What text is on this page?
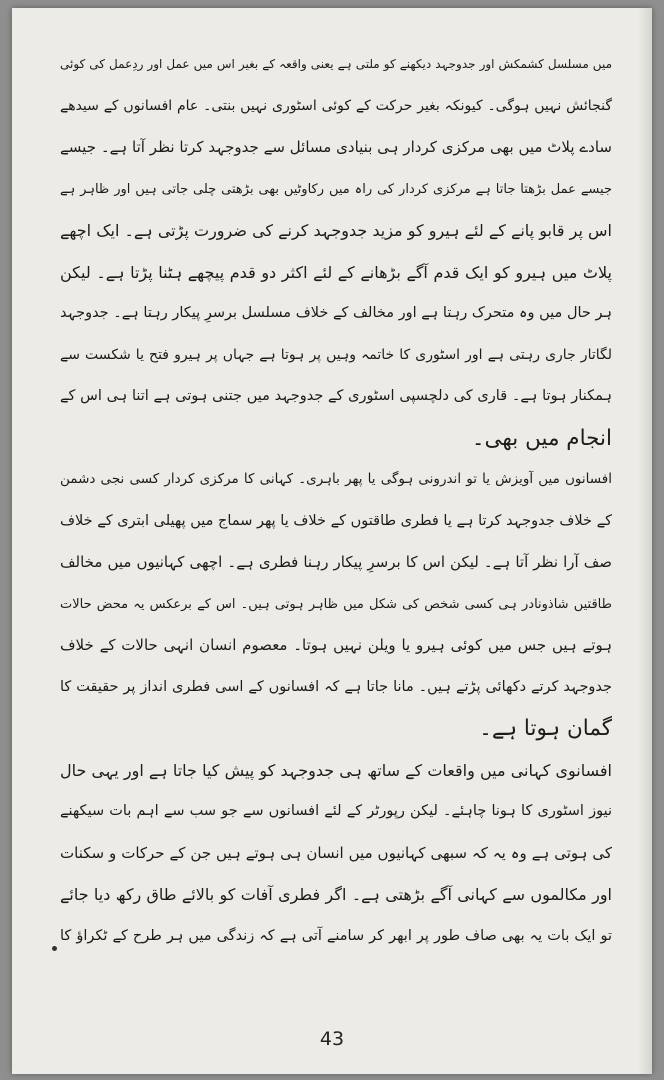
میں مسلسل کشمکش اور جدوجہد دیکھنے کو ملتی ہے یعنی واقعہ کے بغیر اس میں عمل اور ردِعمل کی کوئی
گنجائش نہیں ہوگی۔ کیونکہ بغیر حرکت کے کوئی اسٹوری نہیں بنتی۔ عام افسانوں کے سیدھے
سادے پلاٹ میں بھی مرکزی کردار ہی بنیادی مسائل سے جدوجہد کرتا نظر آتا ہے۔ جیسے
جیسے عمل بڑھتا جاتا ہے مرکزی کردار کی راہ میں رکاوٹیں بھی بڑھتی چلی جاتی ہیں اور ظاہر ہے
اس پر قابو پانے کے لئے ہیرو کو مزید جدوجہد کرنے کی ضرورت پڑتی ہے۔ ایک اچھے
پلاٹ میں ہیرو کو ایک قدم آگے بڑھانے کے لئے اکثر دو قدم پیچھے ہٹنا پڑتا ہے۔ لیکن
ہر حال میں وہ متحرک رہتا ہے اور مخالف کے خلاف مسلسل برسرِ پیکار رہتا ہے۔ جدوجہد
لگاتار جاری رہتی ہے اور اسٹوری کا خاتمہ وہیں پر ہوتا ہے جہاں پر ہیرو فتح یا شکست سے
ہمکنار ہوتا ہے۔ قاری کی دلچسپی اسٹوری کے جدوجہد میں جتنی ہوتی ہے اتنا ہی اس کے
انجام میں بھی۔
افسانوں میں آویزش یا تو اندرونی ہوگی یا پھر باہری۔ کہانی کا مرکزی کردار کسی نجی دشمن
کے خلاف جدوجہد کرتا ہے یا فطری طاقتوں کے خلاف یا پھر سماج میں پھیلی ابتری کے خلاف
صف آرا نظر آتا ہے۔ لیکن اس کا برسرِ پیکار رہنا فطری ہے۔ اچھی کہانیوں میں مخالف
طاقتیں شاذونادر ہی کسی شخص کی شکل میں ظاہر ہوتی ہیں۔ اس کے برعکس یہ محض حالات
ہوتے ہیں جس میں کوئی ہیرو یا ویلن نہیں ہوتا۔ معصوم انسان انہی حالات کے خلاف
جدوجہد کرتے دکھائی پڑتے ہیں۔ مانا جاتا ہے کہ افسانوں کے اسی فطری انداز پر حقیقت کا
گمان ہوتا ہے۔
افسانوی کہانی میں واقعات کے ساتھ ہی جدوجہد کو پیش کیا جاتا ہے اور یہی حال
نیوز اسٹوری کا ہونا چاہئے۔ لیکن رپورٹر کے لئے افسانوں سے جو سب سے اہم بات سیکھنے
کی ہوتی ہے وہ یہ کہ سبھی کہانیوں میں انسان ہی ہوتے ہیں جن کے حرکات و سکنات
اور مکالموں سے کہانی آگے بڑھتی ہے۔ اگر فطری آفات کو بالائے طاق رکھ دیا جائے
تو ایک بات یہ بھی صاف طور پر ابھر کر سامنے آتی ہے کہ زندگی میں ہر طرح کے ٹکراؤ کا
43
